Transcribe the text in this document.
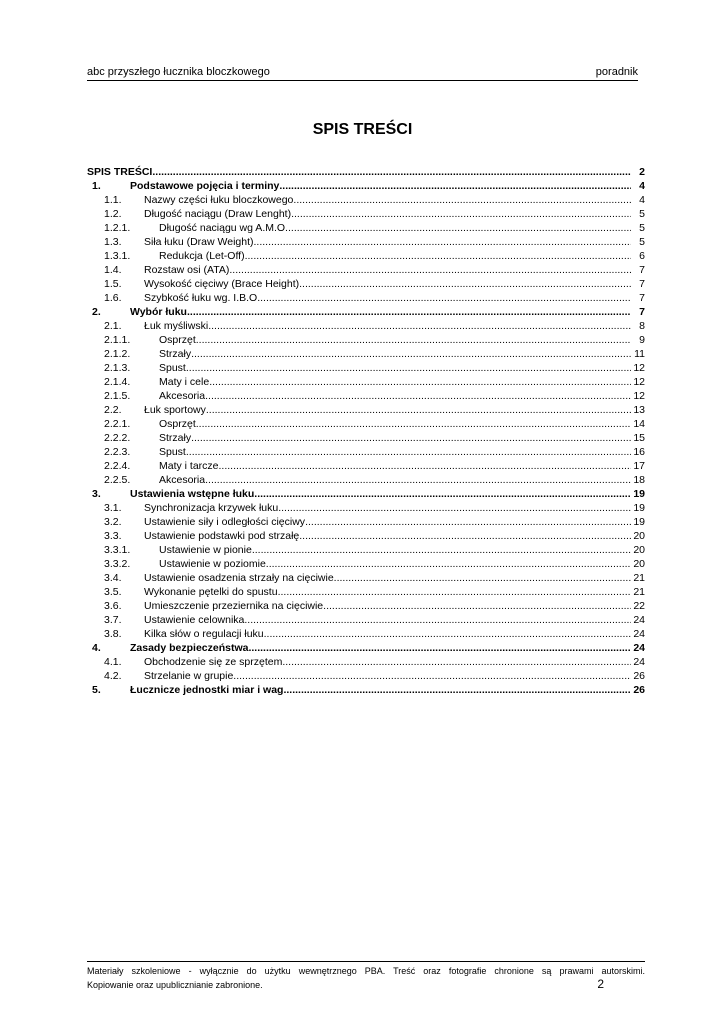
abc przyszłego łucznika bloczkowego	poradnik
SPIS TREŚCI
SPIS TREŚCI .....	2
1.	Podstawowe pojęcia i terminy .....	4
1.1. Nazwy części łuku bloczkowego .....	4
1.2. Długość naciągu (Draw Lenght) .....	5
1.2.1.	Długość naciągu wg A.M.O. .....	5
1.3. Siła łuku (Draw Weight) .....	5
1.3.1.	Redukcja (Let-Off) .....	6
1.4. Rozstaw osi (ATA) .....	7
1.5. Wysokość cięciwy (Brace Height) .....	7
1.6. Szybkość łuku wg. I.B.O. .....	7
2.	Wybór łuku .....	7
2.1. Łuk myśliwski .....	8
2.1.1.	Osprzęt .....	9
2.1.2.	Strzały .....	11
2.1.3.	Spust .....	12
2.1.4.	Maty i cele .....	12
2.1.5.	Akcesoria .....	12
2.2. Łuk sportowy .....	13
2.2.1.	Osprzęt .....	14
2.2.2.	Strzały .....	15
2.2.3.	Spust .....	16
2.2.4.	Maty i tarcze .....	17
2.2.5.	Akcesoria .....	18
3.	Ustawienia wstępne łuku .....	19
3.1. Synchronizacja krzywek łuku .....	19
3.2. Ustawienie siły i odległości cięciwy .....	19
3.3. Ustawienie podstawki pod strzałę .....	20
3.3.1.	Ustawienie w pionie .....	20
3.3.2.	Ustawienie w poziomie .....	20
3.4. Ustawienie osadzenia strzały na cięciwie .....	21
3.5. Wykonanie pętelki do spustu .....	21
3.6. Umieszczenie przeziernika na cięciwie .....	22
3.7. Ustawienie celownika .....	24
3.8. Kilka słów o regulacji łuku .....	24
4.	Zasady bezpieczeństwa .....	24
4.1. Obchodzenie się ze sprzętem .....	24
4.2. Strzelanie w grupie .....	26
5.	Łucznicze jednostki miar i wag .....	26
Materiały szkoleniowe - wyłącznie do użytku wewnętrznego PBA. Treść oraz fotografie chronione są prawami autorskimi.
Kopiowanie oraz upublicznianie zabronione.	2
